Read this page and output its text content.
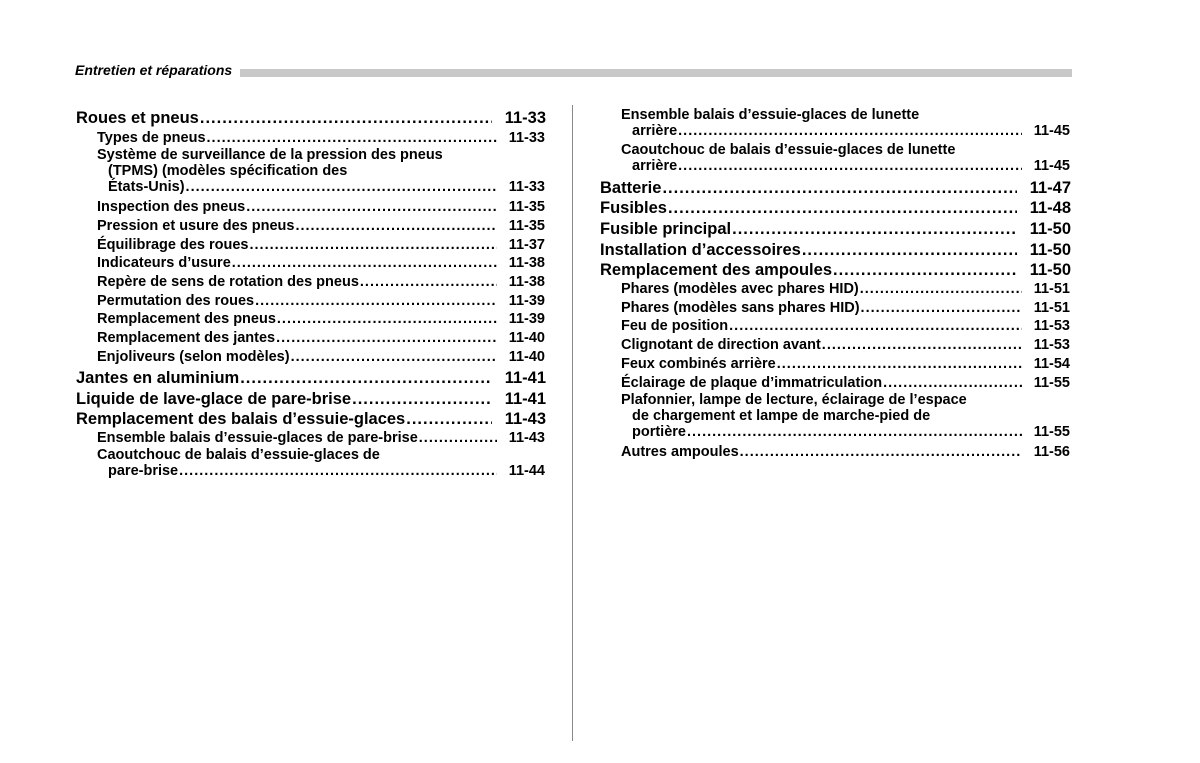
Entretien et réparations
Roues et pneus .....	11-33
Types de pneus .....	11-33
Système de surveillance de la pression des pneus
(TPMS) (modèles spécification des
États-Unis) .....	11-33
Inspection des pneus .....	11-35
Pression et usure des pneus .....	11-35
Équilibrage des roues .....	11-37
Indicateurs d’usure .....	11-38
Repère de sens de rotation des pneus .....	11-38
Permutation des roues .....	11-39
Remplacement des pneus .....	11-39
Remplacement des jantes .....	11-40
Enjoliveurs (selon modèles) .....	11-40
Jantes en aluminium .....	11-41
Liquide de lave-glace de pare-brise .....	11-41
Remplacement des balais d’essuie-glaces .....	11-43
Ensemble balais d’essuie-glaces de pare-brise .....	11-43
Caoutchouc de balais d’essuie-glaces de
pare-brise .....	11-44
Ensemble balais d’essuie-glaces de lunette
arrière .....	11-45
Caoutchouc de balais d’essuie-glaces de lunette
arrière .....	11-45
Batterie .....	11-47
Fusibles .....	11-48
Fusible principal .....	11-50
Installation d’accessoires .....	11-50
Remplacement des ampoules .....	11-50
Phares (modèles avec phares HID) .....	11-51
Phares (modèles sans phares HID) .....	11-51
Feu de position .....	11-53
Clignotant de direction avant .....	11-53
Feux combinés arrière .....	11-54
Éclairage de plaque d’immatriculation .....	11-55
Plafonnier, lampe de lecture, éclairage de l’espace
de chargement et lampe de marche-pied de
portière .....	11-55
Autres ampoules .....	11-56
